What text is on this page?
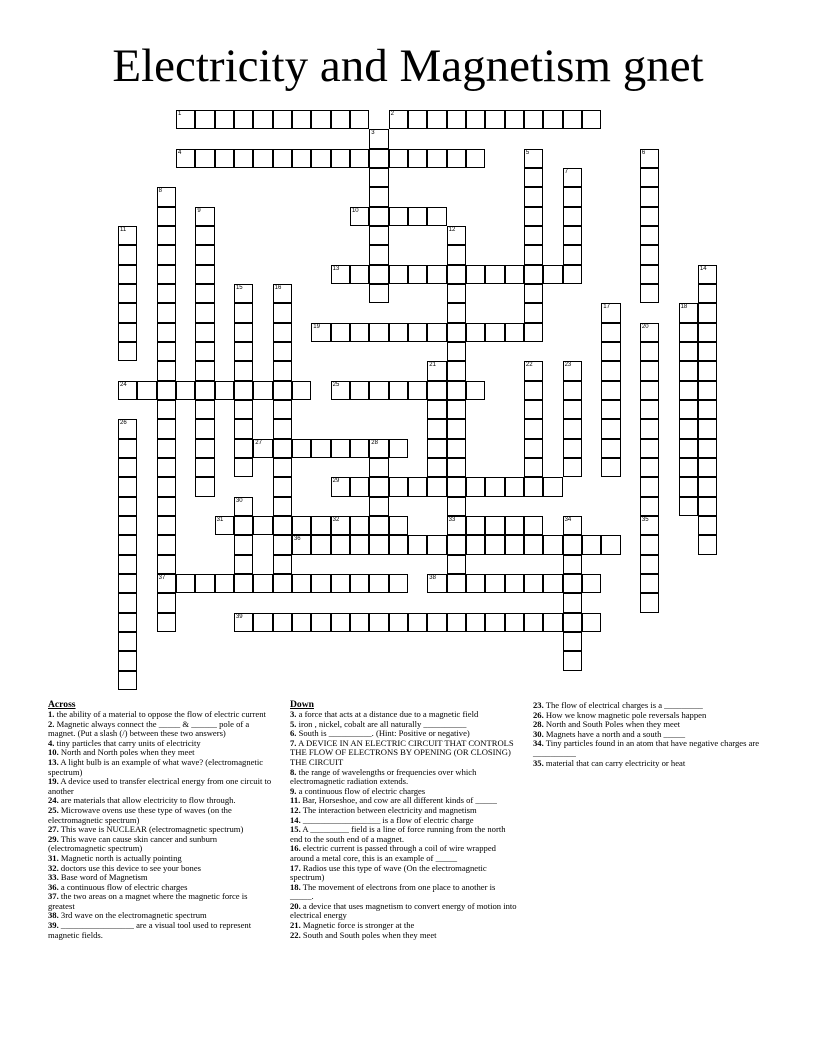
Electricity and Magnetism gnet
1	2
3
4	5	6
7
8
37
9	10
11	12
33
13	14
15	16
17	18
19	20
35
21	22	23
24	25
26
27	28
29
30
31	32	34
36
38
39
Across
1. the ability of a material to oppose the flow of electric current
2. Magnetic always connect the _____ & ______ pole of a magnet. (Put a slash (/) between these two answers)
4. tiny particles that carry units of electricity
10. North and North poles when they meet
13. A light bulb is an example of what wave? (electromagnetic spectrum)
19. A device used to transfer electrical energy from one circuit to another
24. are materials that allow electricity to flow through.
25. Microwave ovens use these type of waves (on the electromagnetic spectrum)
27. This wave is NUCLEAR (electromagnetic spectrum)
29. This wave can cause skin cancer and sunburn (electromagnetic spectrum)
31. Magnetic north is actually pointing
32. doctors use this device to see your bones
33. Base word of Magnetism
36. a continuous flow of electric charges
37. the two areas on a magnet where the magnetic force is greatest
38. 3rd wave on the electromagnetic spectrum
39. _________________ are a visual tool used to represent magnetic fields.
Down
3. a force that acts at a distance due to a magnetic field
5. iron , nickel, cobalt are all naturally __________
6. South is __________. (Hint: Positive or negative)
7. A DEVICE IN AN ELECTRIC CIRCUIT THAT CONTROLS THE FLOW OF ELECTRONS BY OPENING (OR CLOSING) THE CIRCUIT
8. the range of wavelengths or frequencies over which electromagnetic radiation extends.
9. a continuous flow of electric charges
11. Bar, Horseshoe, and cow are all different kinds of _____
12. The interaction between electricity and magnetism
14. __________________ is a flow of electric charge
15. A _________ field is a line of force running from the north end to the south end of a magnet.
16. electric current is passed through a coil of wire wrapped around a metal core, this is an example of _____
17. Radios use this type of wave (On the electromagnetic spectrum)
18. The movement of electrons from one place to another is _____.
20. a device that uses magnetism to convert energy of motion into electrical energy
21. Magnetic force is stronger at the
22. South and South poles when they meet
23. The flow of electrical charges is a _________
26. How we know magnetic pole reversals happen
28. North and South Poles when they meet
30. Magnets have a north and a south _____
34. Tiny particles found in an atom that have negative charges are __________
35. material that can carry electricity or heat
